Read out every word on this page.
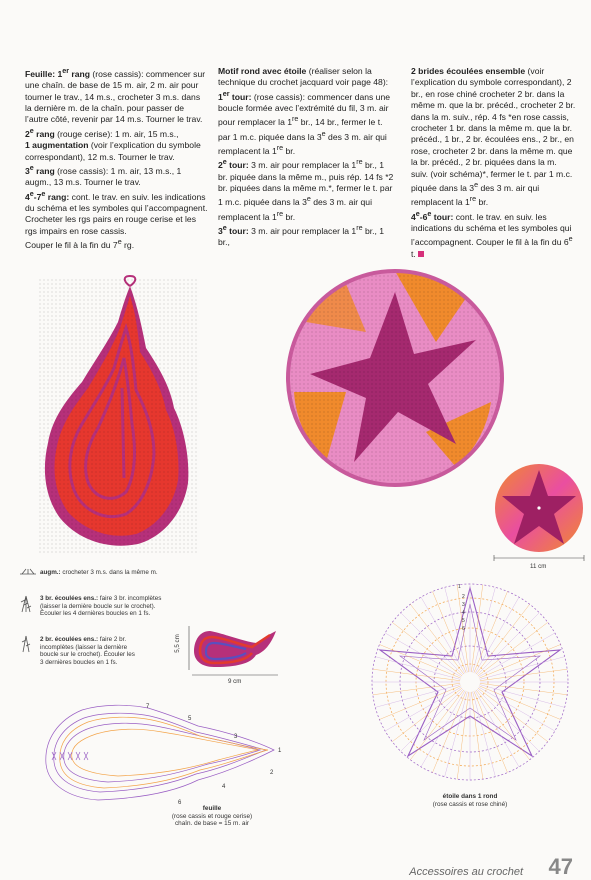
Feuille: 1er rang (rose cassis): commencer sur une chaîn. de base de 15 m. air, 2 m. air pour tourner le trav., 14 m.s., crocheter 3 m.s. dans la dernière m. de la chaîn. pour passer de l’autre côté, revenir par 14 m.s. Tourner le trav.

2e rang (rouge cerise): 1 m. air, 15 m.s.,
1 augmentation (voir l’explication du symbole correspondant), 12 m.s. Tourner le trav.

3e rang (rose cassis): 1 m. air, 13 m.s., 1 augm., 13 m.s. Tourner le trav.

4e-7e rang: cont. le trav. en suiv. les indications du schéma et les symboles qui l’accompagnent. Crocheter les rgs pairs en rouge cerise et les rgs impairs en rose cassis.

Couper le fil à la fin du 7e rg.

Motif rond avec étoile (réaliser selon la technique du crochet jacquard voir page 48):

1er tour: (rose cassis): commencer dans une boucle formée avec l’extrémité du fil, 3 m. air pour remplacer la 1re br., 14 br., fermer le t. par 1 m.c. piquée dans la 3e des 3 m. air qui remplacent la 1re br.

2e tour: 3 m. air pour remplacer la 1re br., 1 br. piquée dans la même m., puis rép. 14 fs *2 br. piquées dans la même m.*, fermer le t. par 1 m.c. piquée dans la 3e des 3 m. air qui remplacent la 1re br.

3e tour: 3 m. air pour remplacer la 1re br., 1 br.,

2 brides écoulées ensemble (voir l’explication du symbole correspondant), 2 br., en rose chiné crocheter 2 br. dans la même m. que la br. précéd., crocheter 2 br. dans la m. suiv., rép. 4 fs *en rose cassis, crocheter 1 br. dans la même m. que la br. précéd., 1 br., 2 br. écoulées ens., 2 br., en rose, crocheter 2 br. dans la même m. que la br. précéd., 2 br. piquées dans la m. suiv. (voir schéma)*, fermer le t. par 1 m.c. piquée dans la 3e des 3 m. air qui remplacent la 1re br.

4e-6e tour: cont. le trav. en suiv. les indications du schéma et les symboles qui l’accompagnent. Couper le fil à la fin du 6e t.

11 cm
augm.: crocheter 3 m.s. dans la même m.
3 br. écoulées ens.: faire 3 br. incomplètes (laisser la dernière boucle sur le crochet). Écouler les 4 dernières boucles en 1 fs.
2 br. écoulées ens.: faire 2 br. incomplètes (laisser la dernière boucle sur le crochet). Écouler les 3 dernières boucles en 1 fs.
5,5 cm
9 cm
1
2
3
4
5
6
7
feuille
(rose cassis et rouge cerise)
chaîn. de base = 15 m. air
1
2
3
4
5
6
étoile dans 1 rond
(rose cassis et rose chiné)
Accessoires au crochet 47
